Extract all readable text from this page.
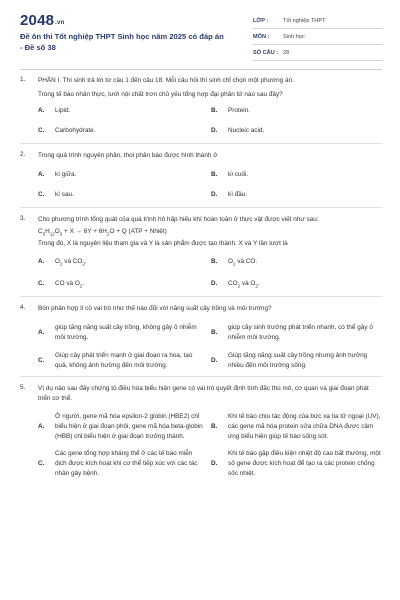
2048.vn
Đề ôn thi Tốt nghiệp THPT Sinh học năm 2025 có đáp án - Đề số 38
LỚP :	Tốt nghiệp THPT
MÔN :	Sinh học
SỐ CÂU : 28
1. PHẦN I. Thí sinh trả lời từ câu 1 đến câu 18. Mỗi câu hỏi thí sinh chỉ chọn một phương án.
Trong tế bào nhân thực, lưới nội chất trơn chủ yếu tổng hợp đại phân tử nào sau đây?
A. Lipid.	B. Protein.
C. Carbohydrate.	D. Nucleic acid.
2. Trong quá trình nguyên phân, thoi phân bào được hình thành ở
A. kì giữa.	B. kì cuối.
C. kì sau.	D. kì đầu.
3. Cho phương trình tổng quát của quá trình hô hấp hiếu khí hoàn toàn ở thực vật được viết như sau:
$C_6H_{12}O_6 + X \to 6Y + 6H_2O + Q$ (ATP + Nhiệt)
Trong đó, X là nguyên liệu tham gia và Y là sản phẩm được tạo thành. X và Y lần lượt là
A. $O_2$ và $CO_2$.	B. $O_2$ và CO.
C. CO và $O_2$.	D. $CO_2$ và $O_2$.
4. Bón phân hợp lí có vai trò như thế nào đối với năng suất cây trồng và môi trường?
A.
giúp tăng năng suất cây trồng, không gây ô nhiễm môi trường.
B.
giúp cây sinh trưởng phát triển nhanh, có thể gây ô nhiễm môi trường.
C.
Giúp cây phát triển mạnh ở giai đoạn ra hoa, tạo quả, không ảnh hưởng đến môi trường.
D.
Giúp tăng năng suất cây trồng nhưng ảnh hưởng nhiều đến môi trường sống.
5. Ví dụ nào sau đây chứng tỏ điều hòa biểu hiện gene có vai trò quyết định tính đặc thù mô, cơ quan và giai đoạn phát triển cơ thể.
A.
Ở người, gene mã hóa epsilon-2 globin (HBE2) chỉ biểu hiện ở giai đoạn phôi, gene mã hóa beta-globin (HBB) chỉ biểu hiện ở giai đoạn trưởng thành.
B.
Khi tế bào chịu tác động của bức xạ tia tử ngoại (UV), các gene mã hóa protein sửa chữa DNA được cảm ứng biểu hiện giúp tế bào sống sót.
C.
Các gene tổng hợp kháng thể ở các tế bào miễn dịch được kích hoạt khi cơ thể tiếp xúc với các tác nhân gây bệnh.
D.
Khi tế bào gặp điều kiện nhiệt độ cao bất thường, một số gene được kích hoạt để tạo ra các protein chống sốc nhiệt.
